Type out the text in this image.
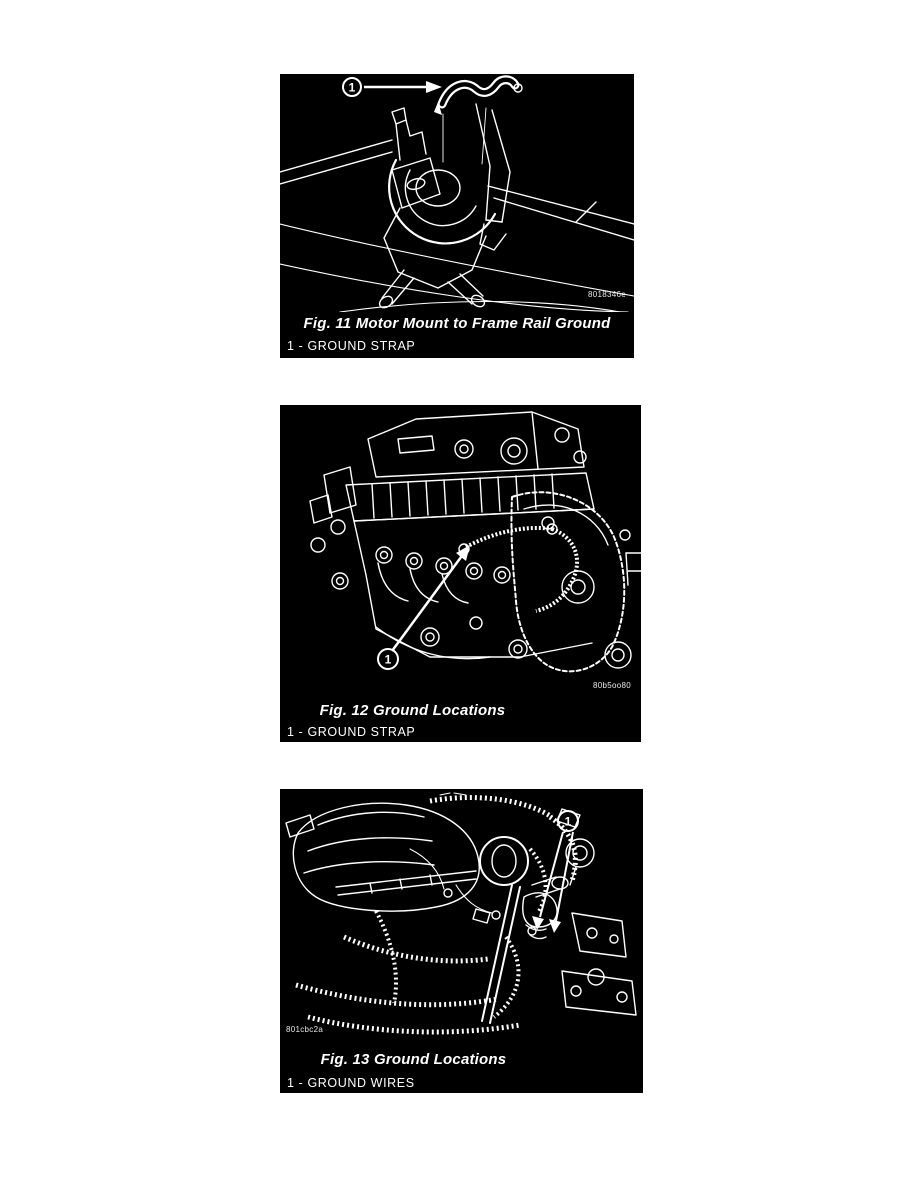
1
8018346e
Fig. 11 Motor Mount to Frame Rail Ground
1 - GROUND STRAP
1
80b5oo80
Fig. 12 Ground Locations
1 - GROUND STRAP
1
801cbc2a
Fig. 13 Ground Locations
1 - GROUND WIRES
